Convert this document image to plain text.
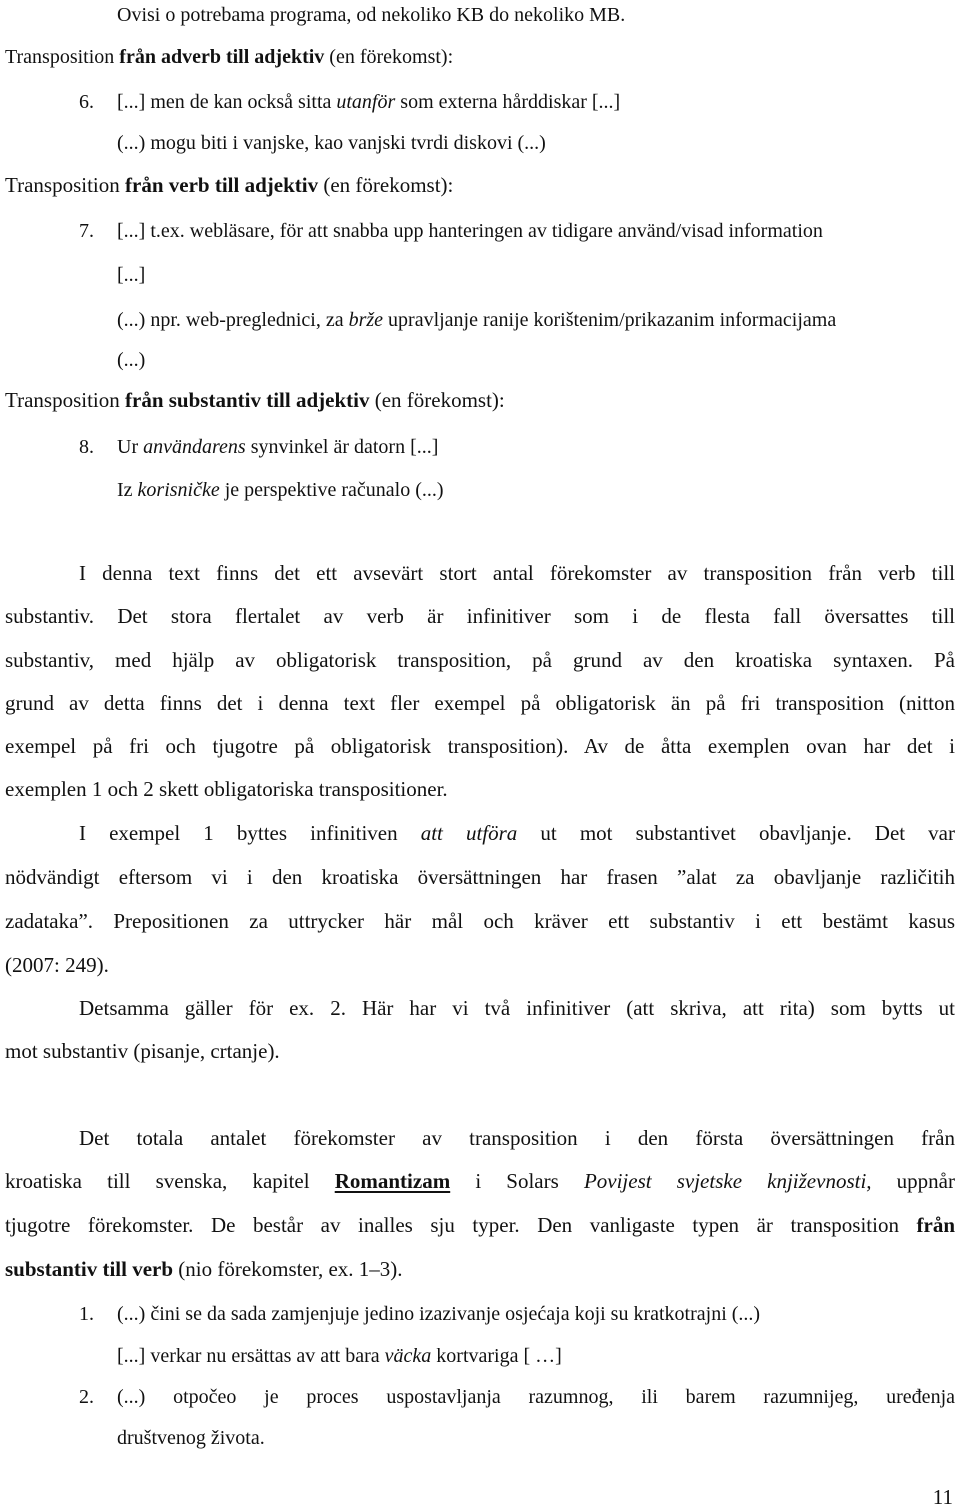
Ovisi o potrebama programa, od nekoliko KB do nekoliko MB.
Transposition från adverb till adjektiv (en förekomst):
6. [...] men de kan också sitta utanför som externa hårddiskar [...]
(...) mogu biti i vanjske, kao vanjski tvrdi diskovi (...)
Transposition från verb till adjektiv (en förekomst):
7. [...] t.ex. webläsare, för att snabba upp hanteringen av tidigare använd/visad information
[...]
(...) npr. web-preglednici, za brže upravljanje ranije korištenim/prikazanim informacijama
(...)
Transposition från substantiv till adjektiv (en förekomst):
8. Ur användarens synvinkel är datorn [...]
Iz korisničke je perspektive računalo (...)
I denna text finns det ett avsevärt stort antal förekomster av transposition från verb till
substantiv. Det stora flertalet av verb är infinitiver som i de flesta fall översattes till
substantiv, med hjälp av obligatorisk transposition, på grund av den kroatiska syntaxen. På
grund av detta finns det i denna text fler exempel på obligatorisk än på fri transposition (nitton
exempel på fri och tjugotre på obligatorisk transposition). Av de åtta exemplen ovan har det i
exemplen 1 och 2 skett obligatoriska transpositioner.
I exempel 1 byttes infinitiven att utföra ut mot substantivet obavljanje. Det var
nödvändigt eftersom vi i den kroatiska översättningen har frasen ”alat za obavljanje različitih
zadataka”. Prepositionen za uttrycker här mål och kräver ett substantiv i ett bestämt kasus
(2007: 249).
Detsamma gäller för ex. 2. Här har vi två infinitiver (att skriva, att rita) som bytts ut
mot substantiv (pisanje, crtanje).
Det totala antalet förekomster av transposition i den första översättningen från
kroatiska till svenska, kapitel Romantizam i Solars Povijest svjetske književnosti, uppnår
tjugotre förekomster. De består av inalles sju typer. Den vanligaste typen är transposition från
substantiv till verb (nio förekomster, ex. 1–3).
1. (...) čini se da sada zamjenjuje jedino izazivanje osjećaja koji su kratkotrajni (...)
[...] verkar nu ersättas av att bara väcka kortvariga [ …]
2. (...) otpočeo je proces uspostavljanja razumnog, ili barem razumnijeg, uređenja
društvenog života.
11
